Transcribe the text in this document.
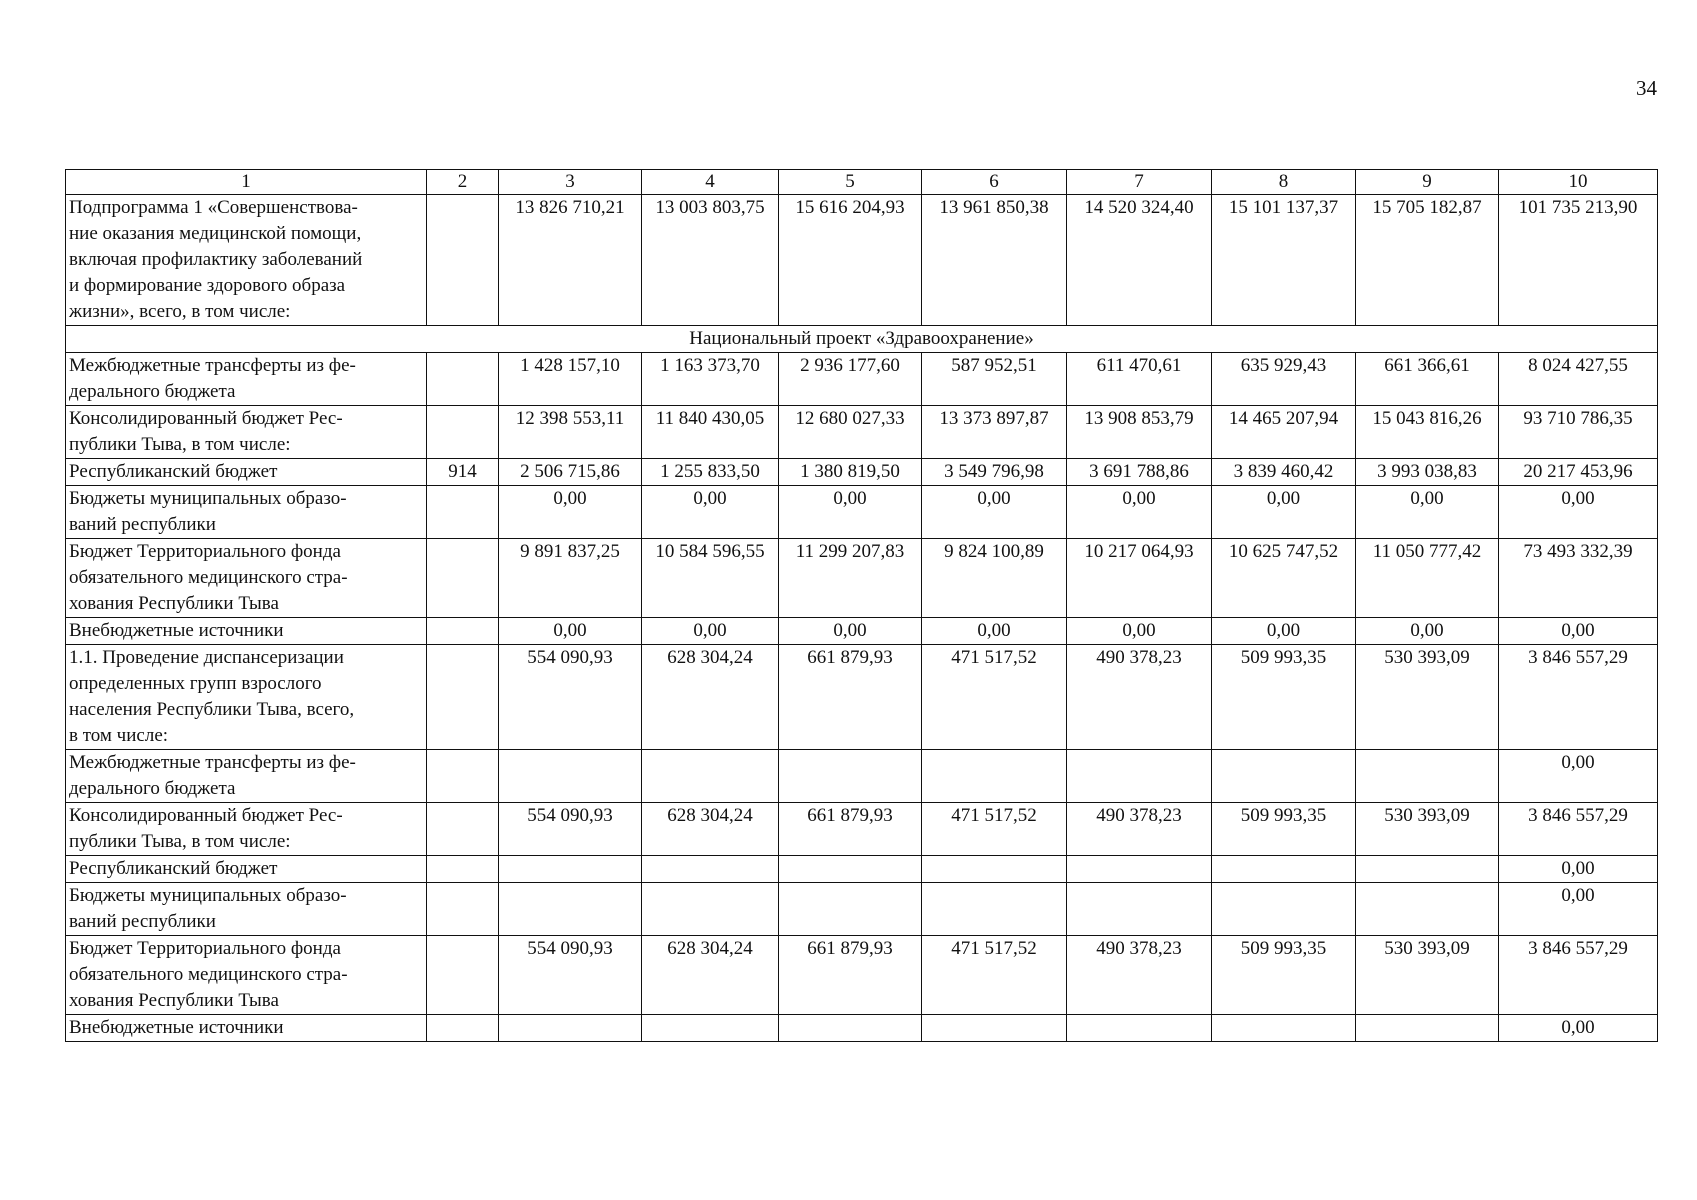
34
1	2	3	4	5	6	7	8	9	10
Подпрограмма 1 «Совершенствова-
ние оказания медицинской помощи,
включая профилактику заболеваний
и формирование здорового образа
жизни», всего, в том числе:		13 826 710,21	13 003 803,75	15 616 204,93	13 961 850,38	14 520 324,40	15 101 137,37	15 705 182,87	101 735 213,90
Национальный проект «Здравоохранение»									
Межбюджетные трансферты из фе-
дерального бюджета		1 428 157,10	1 163 373,70	2 936 177,60	587 952,51	611 470,61	635 929,43	661 366,61	8 024 427,55
Консолидированный бюджет Рес-
публики Тыва, в том числе:		12 398 553,11	11 840 430,05	12 680 027,33	13 373 897,87	13 908 853,79	14 465 207,94	15 043 816,26	93 710 786,35
Республиканский бюджет	914	2 506 715,86	1 255 833,50	1 380 819,50	3 549 796,98	3 691 788,86	3 839 460,42	3 993 038,83	20 217 453,96
Бюджеты муниципальных образо-
ваний республики		0,00	0,00	0,00	0,00	0,00	0,00	0,00	0,00
Бюджет Территориального фонда
обязательного медицинского стра-
хования Республики Тыва		9 891 837,25	10 584 596,55	11 299 207,83	9 824 100,89	10 217 064,93	10 625 747,52	11 050 777,42	73 493 332,39
Внебюджетные источники		0,00	0,00	0,00	0,00	0,00	0,00	0,00	0,00
1.1. Проведение диспансеризации
определенных групп взрослого
населения Республики Тыва, всего,
в том числе:		554 090,93	628 304,24	661 879,93	471 517,52	490 378,23	509 993,35	530 393,09	3 846 557,29
Межбюджетные трансферты из фе-
дерального бюджета									0,00
Консолидированный бюджет Рес-
публики Тыва, в том числе:		554 090,93	628 304,24	661 879,93	471 517,52	490 378,23	509 993,35	530 393,09	3 846 557,29
Республиканский бюджет									0,00
Бюджеты муниципальных образо-
ваний республики									0,00
Бюджет Территориального фонда
обязательного медицинского стра-
хования Республики Тыва		554 090,93	628 304,24	661 879,93	471 517,52	490 378,23	509 993,35	530 393,09	3 846 557,29
Внебюджетные источники									0,00
